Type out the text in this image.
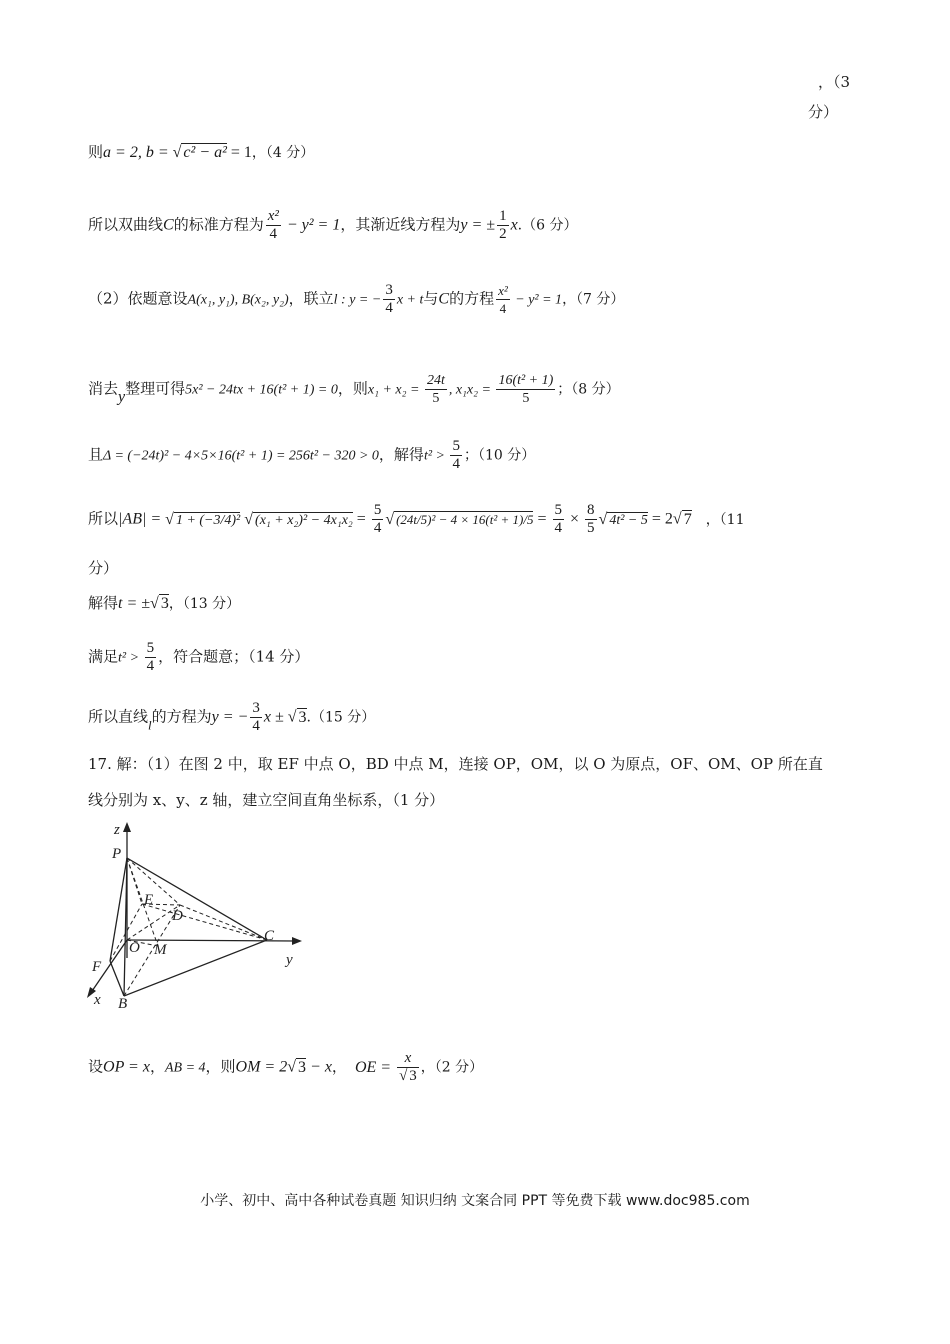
，（3
分）
则a = 2, b = √ c² − a² = 1，（4 分）
所以双曲线C的标准方程为 $\frac{\text{x²}}{4} - y^2 = 1$，其渐近线方程为y = ± $\frac{1}{2} x.(6$ 分）
（2）依题意设A(x₁, y₁), B(x₂, y₂)，联立l : y = − $\frac{3}{4}$ x + t与C的方程 $\frac{\text{x²}}{4} - y^2 = 1$，（7 分）
消去y整理可得5x² − 24tx + 16(t² + 1) = 0，则$x_1 + x_2 = \frac{24t}{5}$ , $x_1x_2 = \frac{\text{16(t² + 1)}}{5}$ ；（8 分）
且Δ = (−24t)² − 4×5×16(t² + 1) = 256t² − 320 > 0，解得$t^2 > \frac{5}{4}$ ；（10 分）
所以|AB| = √ 1 + (−3/4)² √ $(x_1 + x_2)^2 - 4x_1x_2 = \frac{5}{4}$ √ $(24t/5)^2 - 4 \times 16(t^2 + 1)/5 = \frac{5}{4} \times \frac{8}{5}$ √ 4t² − 5 = 2√ 7 ，（11
分）
解得t = ±√ 3，（13 分）
满足$t^2 > \frac{5}{4}$ ，符合题意；（14 分）
所以直线l的方程为y = − $\frac{3}{4}$ x ± √ 3.（15 分）
17. 解：（1）在图 2 中，取 EF 中点 O，BD 中点 M，连接 OP，OM，以 O 为原点，OF、OM、OP 所在直
线分别为 x、y、z 轴，建立空间直角坐标系，（1 分）
z
P
E
D
O M
C
y
F
x B
设OP = x，AB = 4，则OM = 2√ 3 − x， OE = $\frac{x}{√ 3}$ ，（2 分）
小学、初中、高中各种试卷真题 知识归纳 文案合同 PPT 等免费下载 www.doc985.com
